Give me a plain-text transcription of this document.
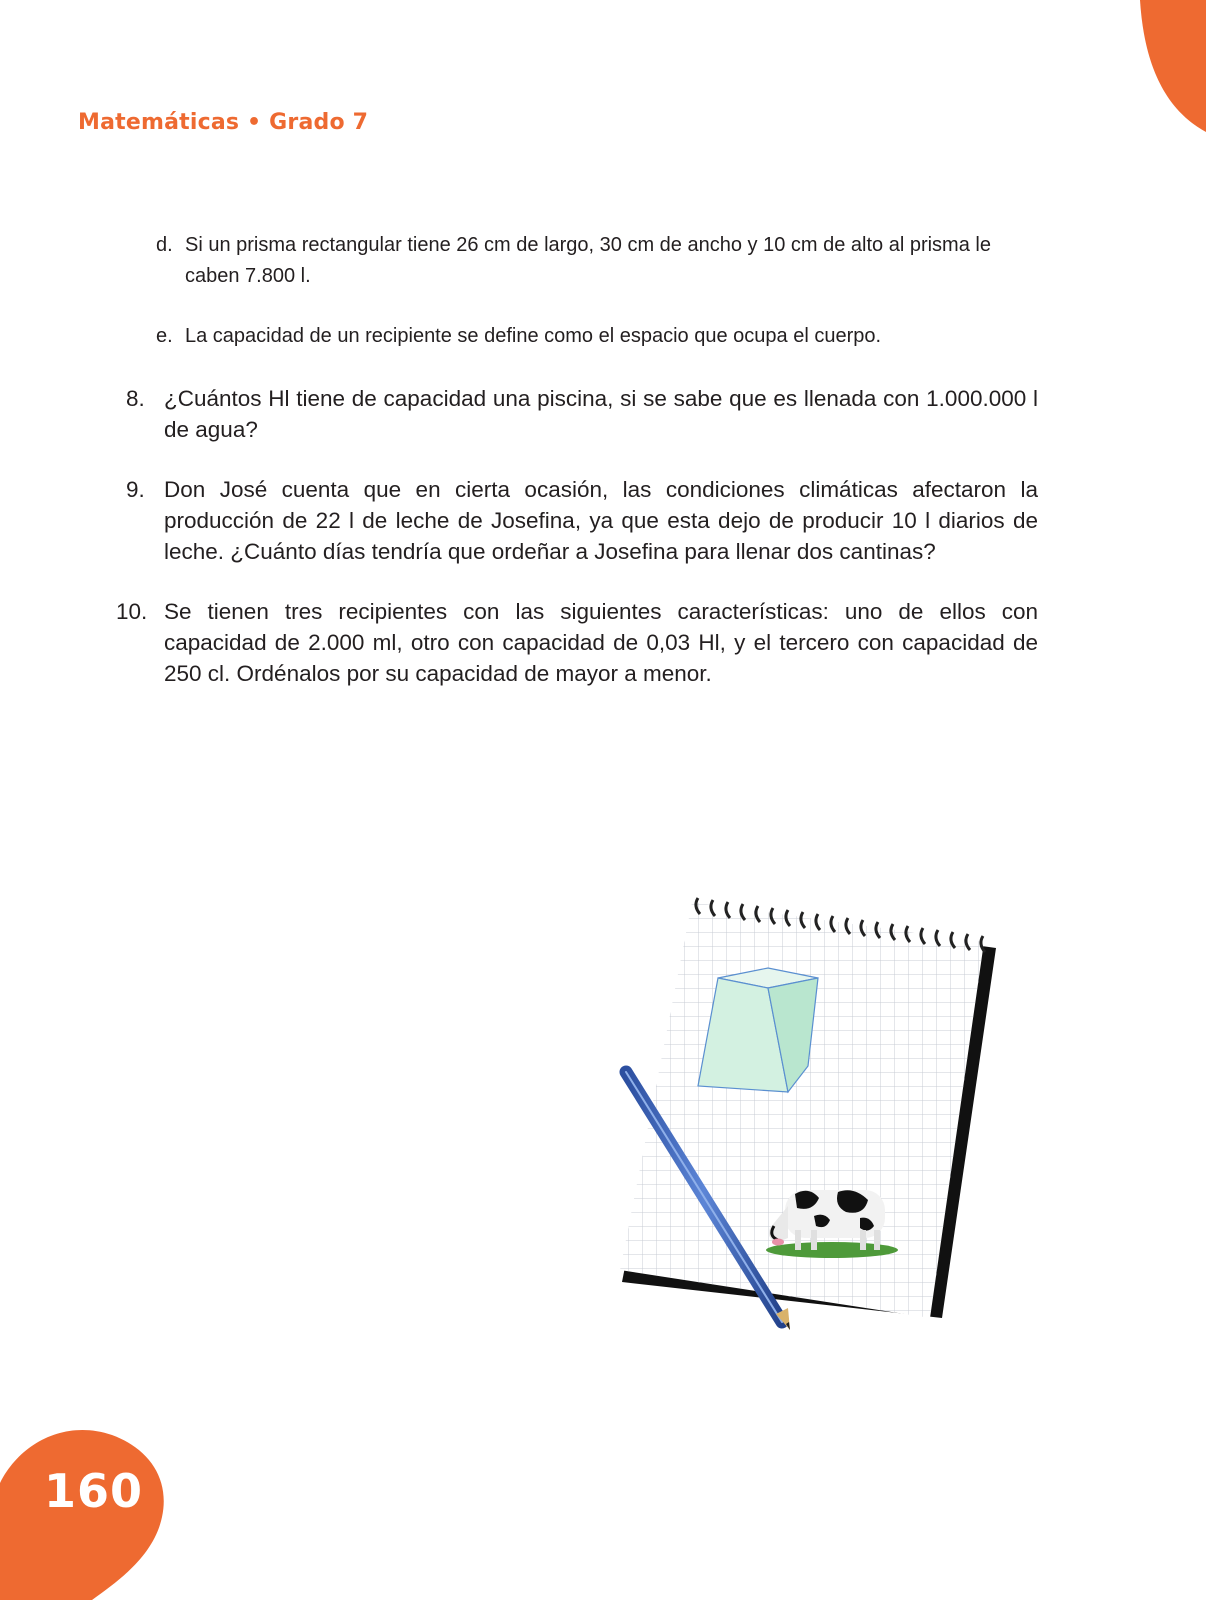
Matemáticas • Grado 7
d. Si un prisma rectangular tiene 26 cm de largo, 30 cm de ancho y 10 cm de alto al prisma le caben 7.800 l.
e. La capacidad de un recipiente se define como el espacio que ocupa el cuerpo.
8. ¿Cuántos Hl tiene de capacidad una piscina, si se sabe que es llenada con 1.000.000 l de agua?
9. Don José cuenta que en cierta ocasión, las condiciones climáticas afectaron la producción de 22 l de leche de Josefina, ya que esta dejo de producir 10 l diarios de leche. ¿Cuánto días tendría que ordeñar a Josefina para llenar dos cantinas?
10. Se tienen tres recipientes con las siguientes características: uno de ellos con capacidad de 2.000 ml, otro con capacidad de 0,03 Hl, y el tercero con capacidad de 250 cl. Ordénalos por su capacidad de mayor a menor.
160
